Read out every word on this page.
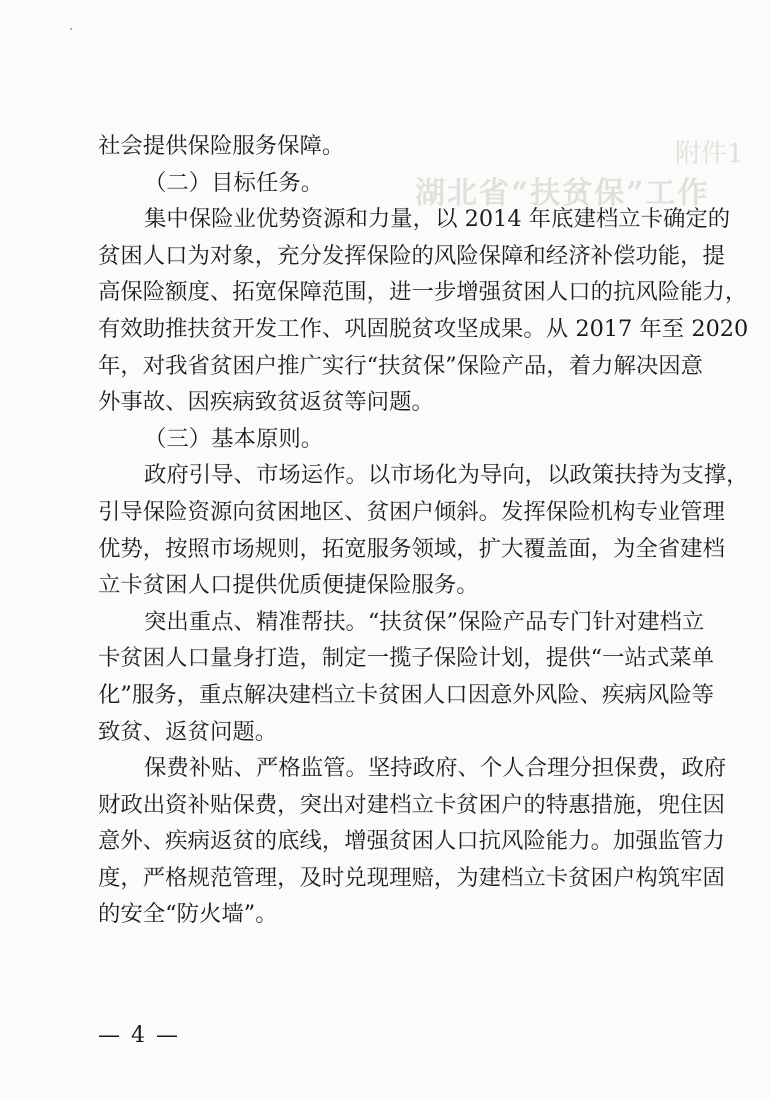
附件1
湖北省“扶贫保”工作
社会提供保险服务保障。
（二）目标任务。
集中保险业优势资源和力量，以 2014 年底建档立卡确定的
贫困人口为对象，充分发挥保险的风险保障和经济补偿功能，提
高保险额度、拓宽保障范围，进一步增强贫困人口的抗风险能力，
有效助推扶贫开发工作、巩固脱贫攻坚成果。从 2017 年至 2020
年，对我省贫困户推广实行“扶贫保”保险产品，着力解决因意
外事故、因疾病致贫返贫等问题。
（三）基本原则。
政府引导、市场运作。以市场化为导向，以政策扶持为支撑，
引导保险资源向贫困地区、贫困户倾斜。发挥保险机构专业管理
优势，按照市场规则，拓宽服务领域，扩大覆盖面，为全省建档
立卡贫困人口提供优质便捷保险服务。
突出重点、精准帮扶。“扶贫保”保险产品专门针对建档立
卡贫困人口量身打造，制定一揽子保险计划，提供“一站式菜单
化”服务，重点解决建档立卡贫困人口因意外风险、疾病风险等
致贫、返贫问题。
保费补贴、严格监管。坚持政府、个人合理分担保费，政府
财政出资补贴保费，突出对建档立卡贫困户的特惠措施，兜住因
意外、疾病返贫的底线，增强贫困人口抗风险能力。加强监管力
度，严格规范管理，及时兑现理赔，为建档立卡贫困户构筑牢固
的安全“防火墙”。
— 4 —
